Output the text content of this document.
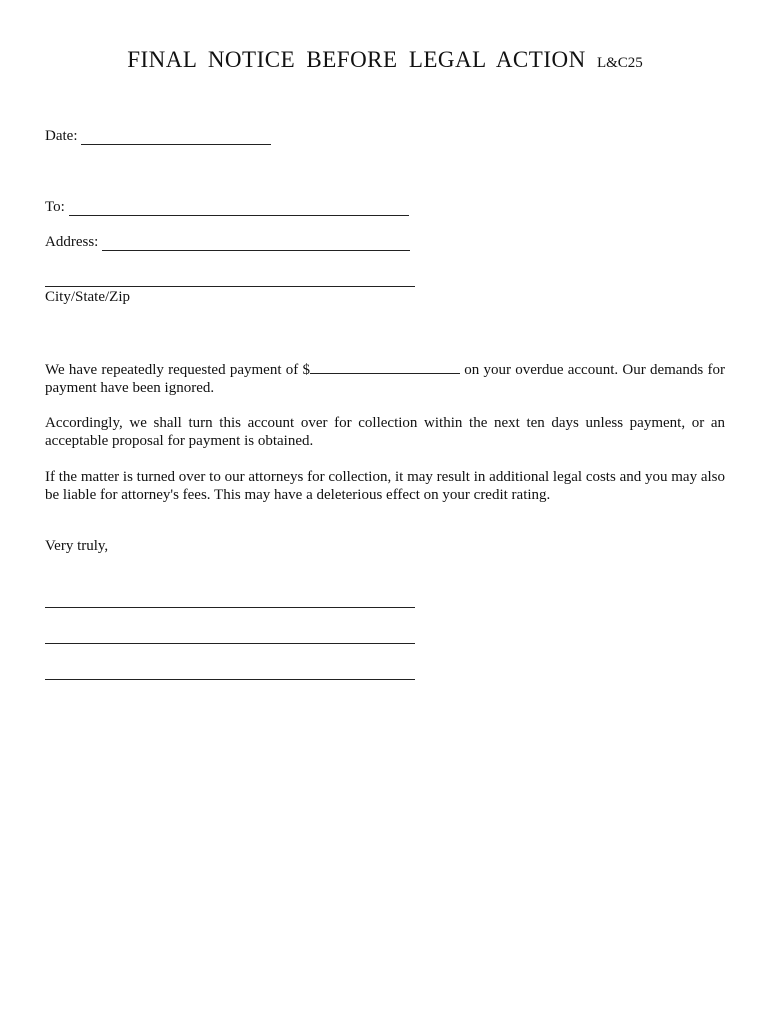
FINAL NOTICE BEFORE LEGAL ACTION L&C25
Date:
To:
Address:
City/State/Zip
We have repeatedly requested payment of $	on your overdue account. Our demands for payment have been ignored.
Accordingly, we shall turn this account over for collection within the next ten days unless payment, or an acceptable proposal for payment is obtained.
If the matter is turned over to our attorneys for collection, it may result in additional legal costs and you may also be liable for attorney's fees. This may have a deleterious effect on your credit rating.
Very truly,
